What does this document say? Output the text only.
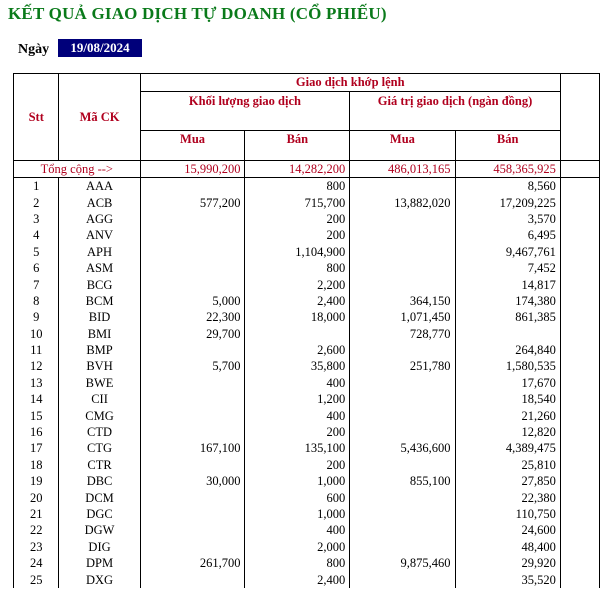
KẾT QUẢ GIAO DỊCH TỰ DOANH (CỔ PHIẾU)
Ngày	19/08/2024
Stt	Mã CK	Giao dịch khớp lệnh				
		Khối lượng giao dịch		Giá trị giao dịch (ngàn đồng)		
		Mua	Bán	Mua	Bán	
Tổng cộng -->		15,990,200	14,282,200	486,013,165	458,365,925	
1	AAA		800		8,560	
2	ACB	577,200	715,700	13,882,020	17,209,225	
3	AGG		200		3,570	
4	ANV		200		6,495	
5	APH		1,104,900		9,467,761	
6	ASM		800		7,452	
7	BCG		2,200		14,817	
8	BCM	5,000	2,400	364,150	174,380	
9	BID	22,300	18,000	1,071,450	861,385	
10	BMI	29,700		728,770		
11	BMP		2,600		264,840	
12	BVH	5,700	35,800	251,780	1,580,535	
13	BWE		400		17,670	
14	CII		1,200		18,540	
15	CMG		400		21,260	
16	CTD		200		12,820	
17	CTG	167,100	135,100	5,436,600	4,389,475	
18	CTR		200		25,810	
19	DBC	30,000	1,000	855,100	27,850	
20	DCM		600		22,380	
21	DGC		1,000		110,750	
22	DGW		400		24,600	
23	DIG		2,000		48,400	
24	DPM	261,700	800	9,875,460	29,920	
25	DXG		2,400		35,520	
